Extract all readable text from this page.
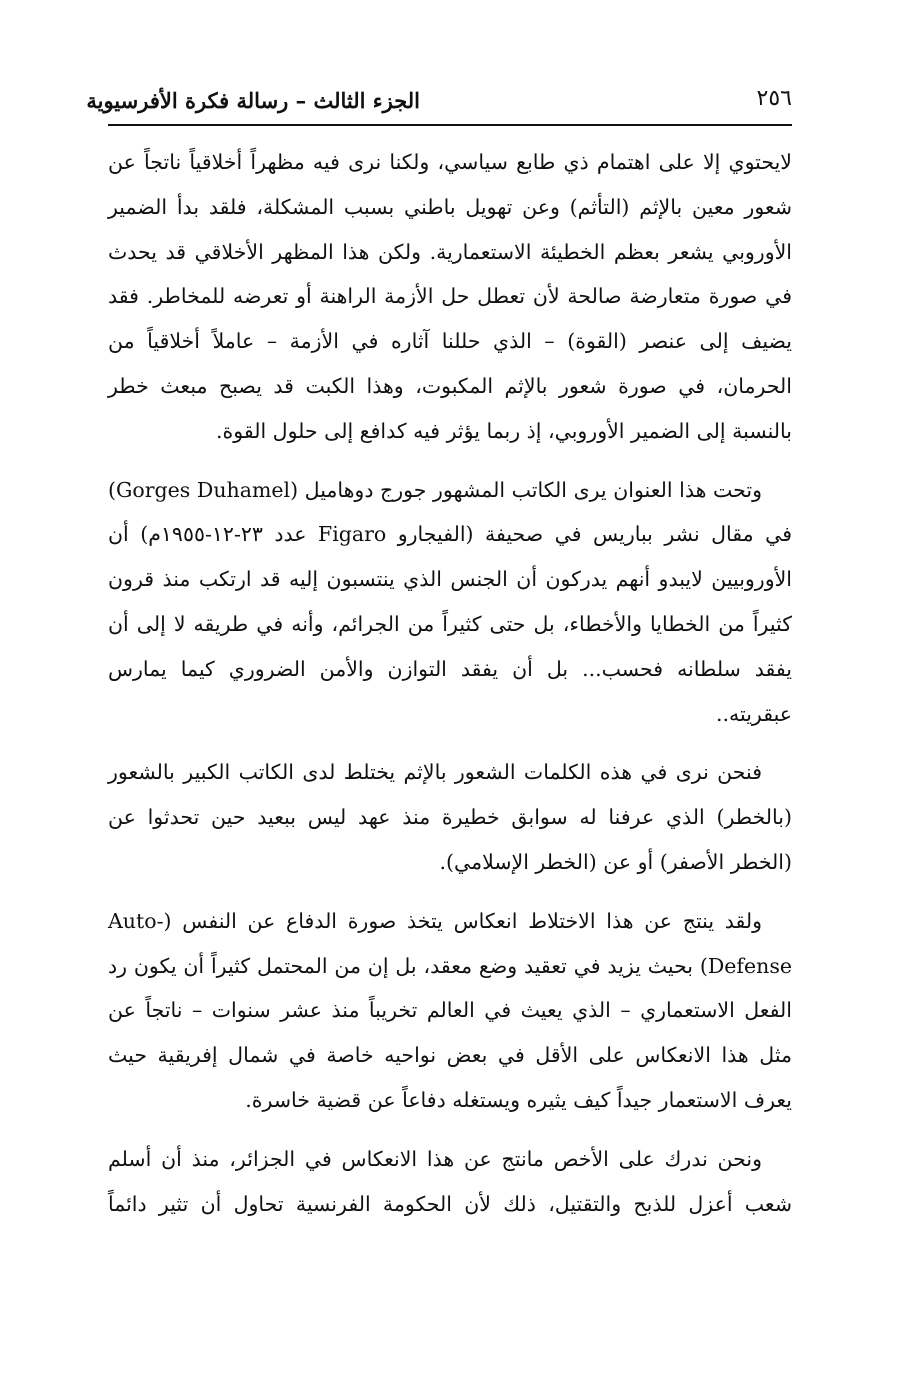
٢٥٦
الجزء الثالث – رسالة فكرة الأفرسيوية

لايحتوي إلا على اهتمام ذي طابع سياسي، ولكنا نرى فيه مظهراً أخلاقياً ناتجاً عن شعور معين بالإثم (التأثم) وعن تهويل باطني بسبب المشكلة، فلقد بدأ الضمير الأوروبي يشعر بعظم الخطيئة الاستعمارية. ولكن هذا المظهر الأخلاقي قد يحدث في صورة متعارضة صالحة لأن تعطل حل الأزمة الراهنة أو تعرضه للمخاطر. فقد يضيف إلى عنصر (القوة) – الذي حللنا آثاره في الأزمة – عاملاً أخلاقياً من الحرمان، في صورة شعور بالإثم المكبوت، وهذا الكبت قد يصبح مبعث خطر بالنسبة إلى الضمير الأوروبي، إذ ربما يؤثر فيه كدافع إلى حلول القوة.

وتحت هذا العنوان يرى الكاتب المشهور جورج دوهاميل (Gorges Duhamel) في مقال نشر بباريس في صحيفة (الفيجارو Figaro عدد ٢٣-١٢-١٩٥٥م) أن الأوروبيين لايبدو أنهم يدركون أن الجنس الذي ينتسبون إليه قد ارتكب منذ قرون كثيراً من الخطايا والأخطاء، بل حتى كثيراً من الجرائم، وأنه في طريقه لا إلى أن يفقد سلطانه فحسب... بل أن يفقد التوازن والأمن الضروري كيما يمارس عبقريته..

فنحن نرى في هذه الكلمات الشعور بالإثم يختلط لدى الكاتب الكبير بالشعور (بالخطر) الذي عرفنا له سوابق خطيرة منذ عهد ليس ببعيد حين تحدثوا عن (الخطر الأصفر) أو عن (الخطر الإسلامي).

ولقد ينتج عن هذا الاختلاط انعكاس يتخذ صورة الدفاع عن النفس (Auto-Defense) بحيث يزيد في تعقيد وضع معقد، بل إن من المحتمل كثيراً أن يكون رد الفعل الاستعماري – الذي يعيث في العالم تخريباً منذ عشر سنوات – ناتجاً عن مثل هذا الانعكاس على الأقل في بعض نواحيه خاصة في شمال إفريقية حيث يعرف الاستعمار جيداً كيف يثيره ويستغله دفاعاً عن قضية خاسرة.

ونحن ندرك على الأخص مانتج عن هذا الانعكاس في الجزائر، منذ أن أسلم شعب أعزل للذبح والتقتيل، ذلك لأن الحكومة الفرنسية تحاول أن تثير دائماً
